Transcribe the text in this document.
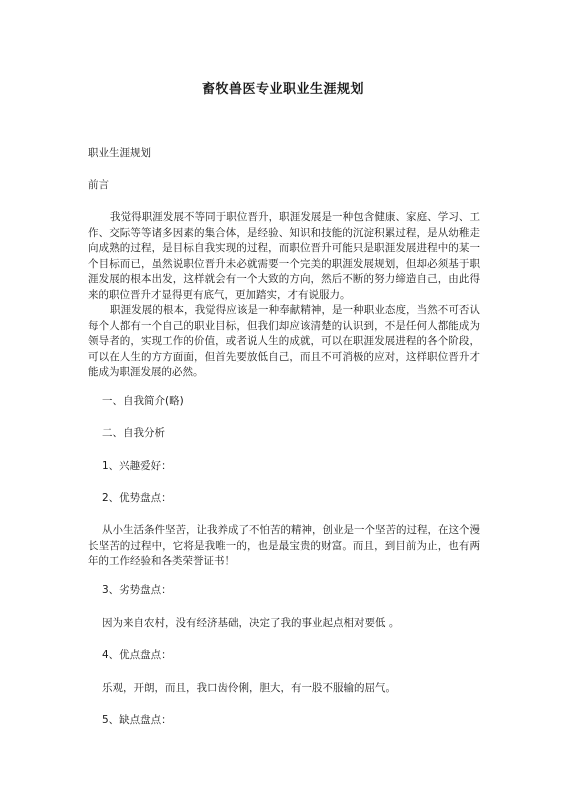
畜牧兽医专业职业生涯规划
职业生涯规划
前言

我觉得职涯发展不等同于职位晋升，职涯发展是一种包含健康、家庭、学习、工作、交际等等诸多因素的集合体，是经验、知识和技能的沉淀积累过程，是从幼稚走向成熟的过程，是目标自我实现的过程，而职位晋升可能只是职涯发展进程中的某一个目标而已，虽然说职位晋升未必就需要一个完美的职涯发展规划，但却必须基于职涯发展的根本出发，这样就会有一个大致的方向，然后不断的努力缔造自己，由此得来的职位晋升才显得更有底气，更加踏实，才有说服力。

职涯发展的根本，我觉得应该是一种奉献精神，是一种职业态度，当然不可否认每个人都有一个自己的职业目标，但我们却应该清楚的认识到，不是任何人都能成为领导者的，实现工作的价值，或者说人生的成就，可以在职涯发展进程的各个阶段，可以在人生的方方面面，但首先要放低自己，而且不可消极的应对，这样职位晋升才能成为职涯发展的必然。

一、自我简介(略)
二、自我分析
1、兴趣爱好：
2、优势盘点：

从小生活条件坚苦，让我养成了不怕苦的精神，创业是一个坚苦的过程，在这个漫长坚苦的过程中，它将是我唯一的，也是最宝贵的财富。而且，到目前为止，也有两年的工作经验和各类荣誉证书！

3、劣势盘点：
因为来自农村，没有经济基础，决定了我的事业起点相对要低 。
4、优点盘点：
乐观，开朗，而且，我口齿伶俐，胆大，有一股不服输的屈气。
5、缺点盘点：
